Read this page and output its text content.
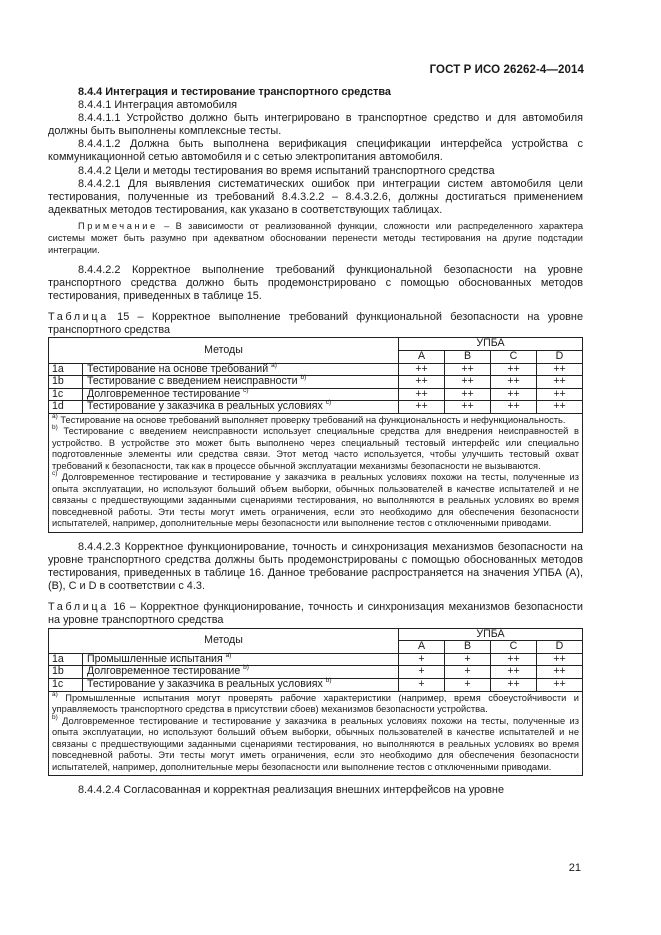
ГОСТ Р ИСО 26262-4—2014

8.4.4 Интеграция и тестирование транспортного средства

8.4.4.1 Интеграция автомобиля

8.4.4.1.1 Устройство должно быть интегрировано в транспортное средство и для автомобиля должны быть выполнены комплексные тесты.

8.4.4.1.2 Должна быть выполнена верификация спецификации интерфейса устройства с коммуникационной сетью автомобиля и с сетью электропитания автомобиля.

8.4.4.2 Цели и методы тестирования во время испытаний транспортного средства

8.4.4.2.1 Для выявления систематических ошибок при интеграции систем автомобиля цели тестирования, полученные из требований 8.4.3.2.2 – 8.4.3.2.6, должны достигаться применением адекватных методов тестирования, как указано в соответствующих таблицах.

Примечание – В зависимости от реализованной функции, сложности или распределенного характера системы может быть разумно при адекватном обосновании перенести методы тестирования на другие подстадии интеграции.

8.4.4.2.2 Корректное выполнение требований функциональной безопасности на уровне транспортного средства должно быть продемонстрировано с помощью обоснованных методов тестирования, приведенных в таблице 15.

Таблица 15 – Корректное выполнение требований функциональной безопасности на уровне транспортного средства

Методы		УПБА			
		А	В	С	D
1a	Тестирование на основе требований $^{a)}$	++	++	++	++
1b	Тестирование с введением неисправности $^{b)}$	++	++	++	++
1c	Долговременное тестирование $^{c)}$	++	++	++	++
1d	Тестирование у заказчика в реальных условиях $^{c)}$	++	++	++	++

$^{a)}$ Тестирование на основе требований выполняет проверку требований на функциональность и нефункциональность.
$^{b)}$ Тестирование с введением неисправности использует специальные средства для внедрения неисправностей в устройство. В устройстве это может быть выполнено через специальный тестовый интерфейс или специально подготовленные элементы или средства связи. Этот метод часто используется, чтобы улучшить тестовый охват требований к безопасности, так как в процессе обычной эксплуатации механизмы безопасности не вызываются.
$^{c)}$ Долговременное тестирование и тестирование у заказчика в реальных условиях похожи на тесты, полученные из опыта эксплуатации, но используют больший объем выборки, обычных пользователей в качестве испытателей и не связаны с предшествующими заданными сценариями тестирования, но выполняются в реальных условиях во время повседневной работы. Эти тесты могут иметь ограничения, если это необходимо для обеспечения безопасности испытателей, например, дополнительные меры безопасности или выполнение тестов с отключенными приводами.					

8.4.4.2.3 Корректное функционирование, точность и синхронизация механизмов безопасности на уровне транспортного средства должны быть продемонстрированы с помощью обоснованных методов тестирования, приведенных в таблице 16. Данное требование распространяется на значения УПБА (А), (В), С и D в соответствии с 4.3.

Таблица 16 – Корректное функционирование, точность и синхронизация механизмов безопасности на уровне транспортного средства

Методы		УПБА			
		А	В	С	D
1a	Промышленные испытания $^{a)}$	+	+	++	++
1b	Долговременное тестирование $^{b)}$	+	+	++	++
1c	Тестирование у заказчика в реальных условиях $^{b)}$	+	+	++	++

$^{a)}$ Промышленные испытания могут проверять рабочие характеристики (например, время сбоеустойчивости и управляемость транспортного средства в присутствии сбоев) механизмов безопасности устройства.
$^{b)}$ Долговременное тестирование и тестирование у заказчика в реальных условиях похожи на тесты, полученные из опыта эксплуатации, но используют больший объем выборки, обычных пользователей в качестве испытателей и не связаны с предшествующими заданными сценариями тестирования, но выполняются в реальных условиях во время повседневной работы. Эти тесты могут иметь ограничения, если это необходимо для обеспечения безопасности испытателей, например, дополнительные меры безопасности или выполнение тестов с отключенными приводами.					

8.4.4.2.4 Согласованная и корректная реализация внешних интерфейсов на уровне

21
